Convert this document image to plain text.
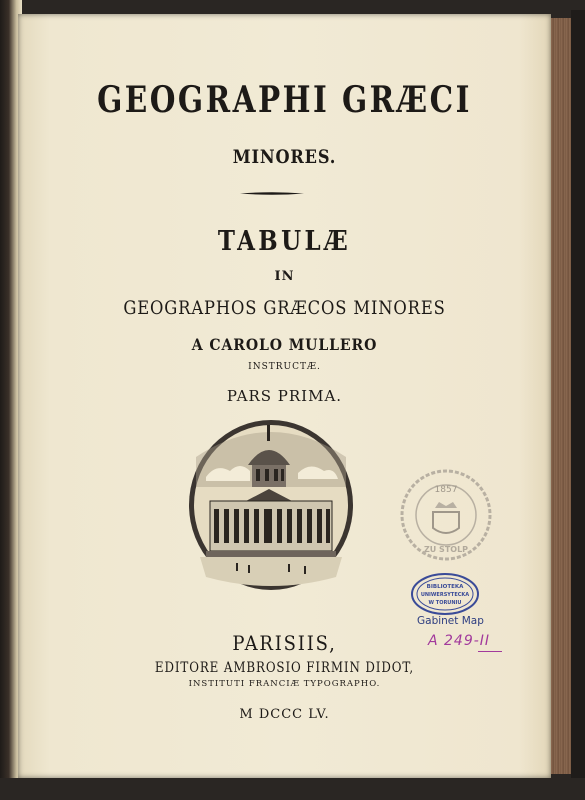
GEOGRAPHI GRÆCI
MINORES.
TABULÆ
IN
GEOGRAPHOS GRÆCOS MINORES
A CAROLO MULLERO
INSTRUCTÆ.
PARS PRIMA.
PARISIIS,
EDITORE AMBROSIO FIRMIN DIDOT,
INSTITUTI FRANCIÆ TYPOGRAPHO.
M DCCC LV.
1857
ZU STOLP
BIBLIOTEKA
UNIWERSYTECKA
W TORUNIU
Gabinet Map
A 249-II
